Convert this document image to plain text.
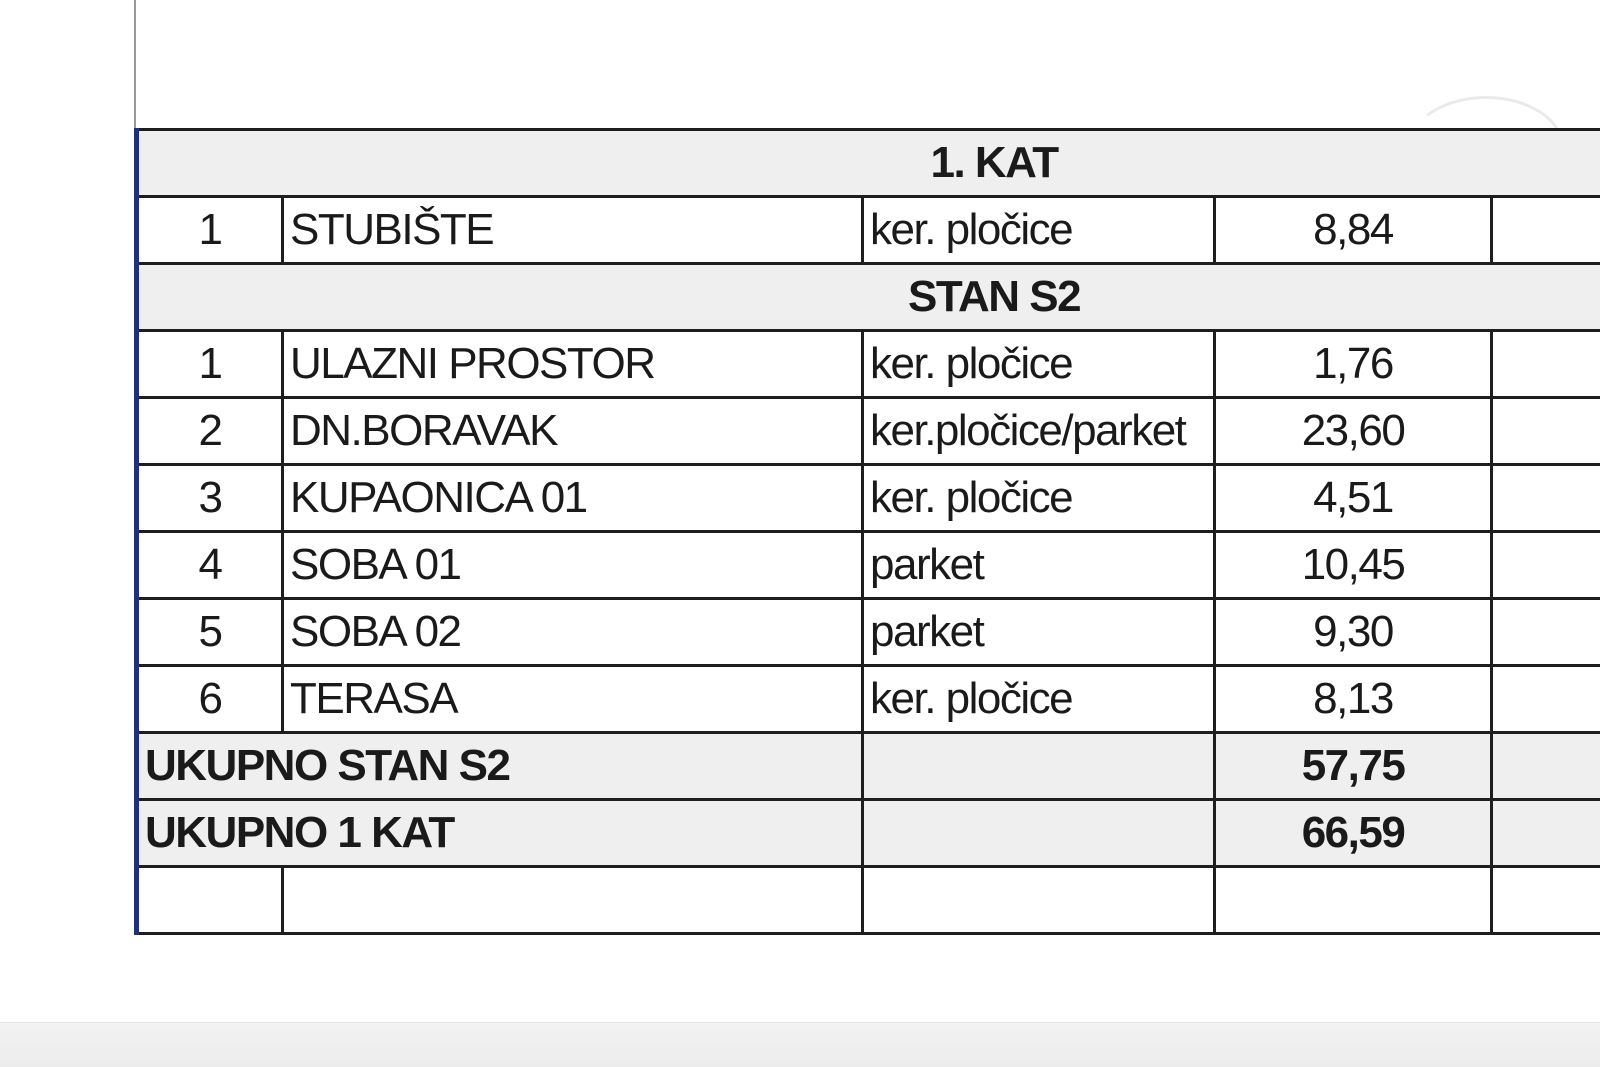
1. KAT				
1	STUBIŠTE	ker. pločice	8,84	
STAN S2				
1	ULAZNI PROSTOR	ker. pločice	1,76	
2	DN.BORAVAK	ker.pločice/parket	23,60	
3	KUPAONICA 01	ker. pločice	4,51	
4	SOBA 01	parket	10,45	
5	SOBA 02	parket	9,30	
6	TERASA	ker. pločice	8,13	
UKUPNO STAN S2			57,75	
UKUPNO 1 KAT			66,59	
